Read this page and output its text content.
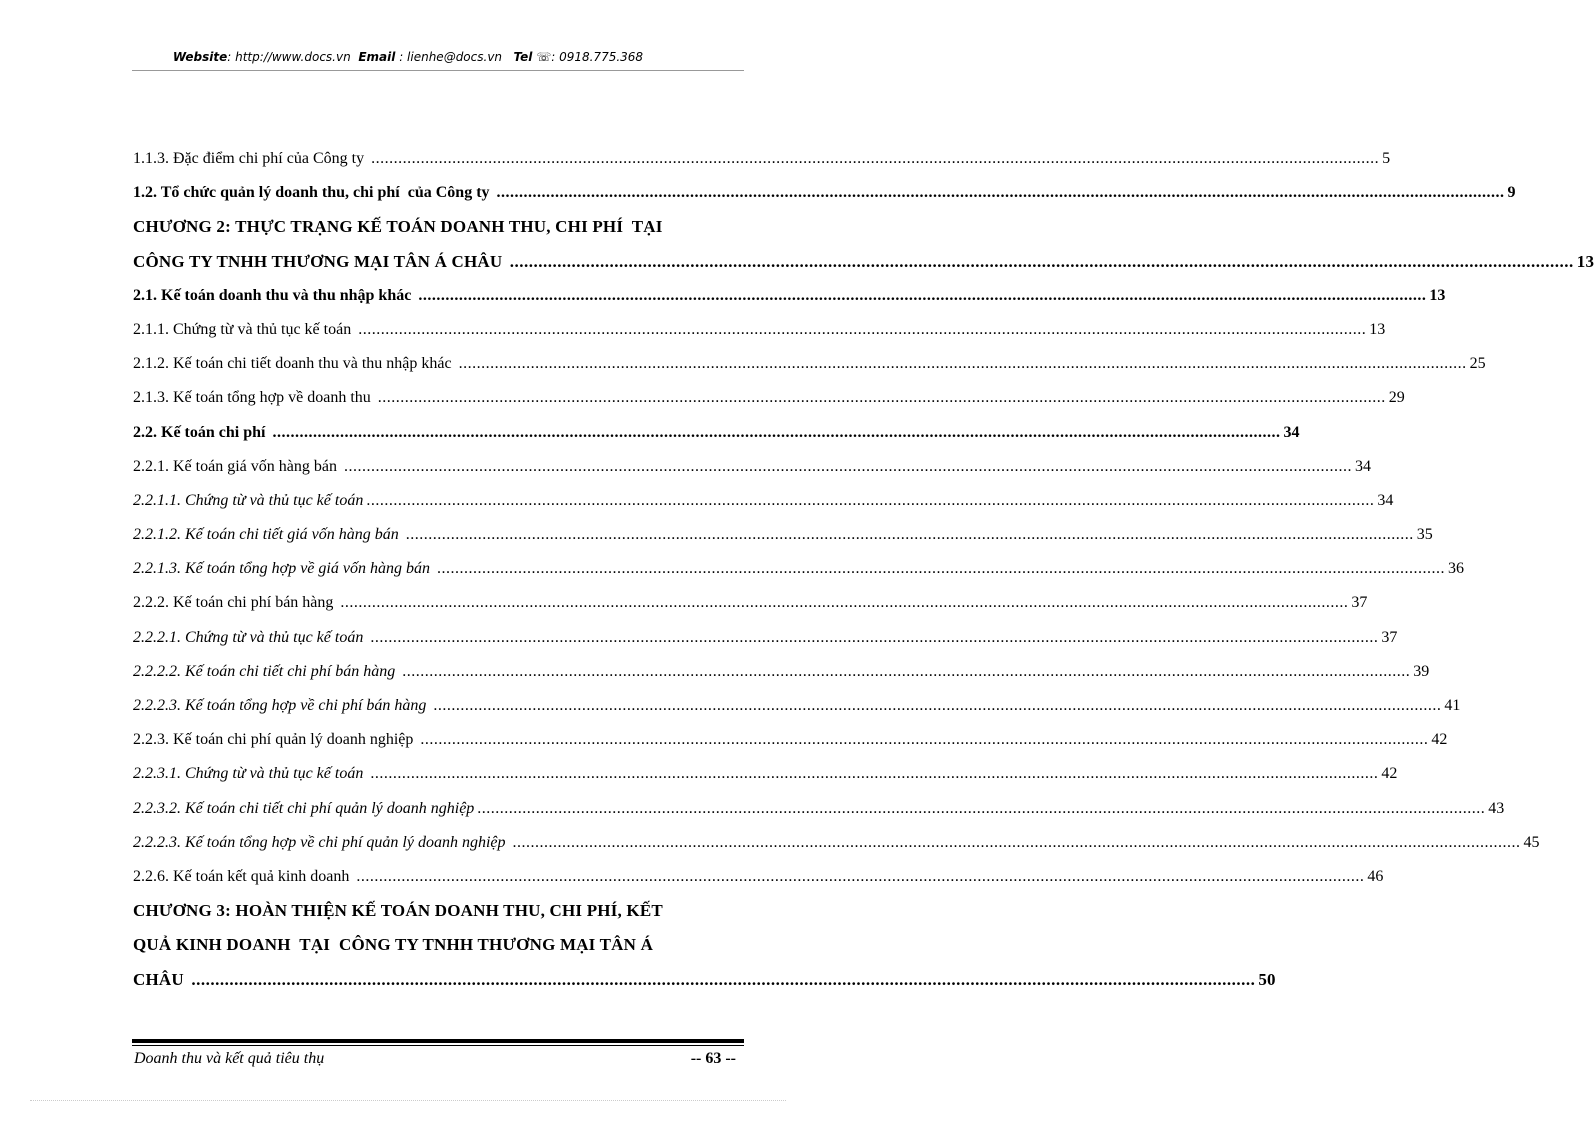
Website: http://www.docs.vn Email : lienhe@docs.vn Tel ☏: 0918.775.368
1.1.3. Đặc điểm chi phí của Công ty ................................................................................................................................................................................................................................ 5
1.2. Tổ chức quản lý doanh thu, chi phí  của Công ty ................................................................................................................................................................................................................................ 9
CHƯƠNG 2: THỰC TRẠNG KẾ TOÁN DOANH THU, CHI PHÍ  TẠI
CÔNG TY TNHH THƯƠNG MẠI TÂN Á CHÂU ................................................................................................................................................................................................................................ 13
2.1. Kế toán doanh thu và thu nhập khác ................................................................................................................................................................................................................................ 13
2.1.1. Chứng từ và thủ tục kế toán ................................................................................................................................................................................................................................ 13
2.1.2. Kế toán chi tiết doanh thu và thu nhập khác ................................................................................................................................................................................................................................ 25
2.1.3. Kế toán tổng hợp về doanh thu ................................................................................................................................................................................................................................ 29
2.2. Kế toán chi phí ................................................................................................................................................................................................................................ 34
2.2.1. Kế toán giá vốn hàng bán ................................................................................................................................................................................................................................ 34
2.2.1.1. Chứng từ và thủ tục kế toán ................................................................................................................................................................................................................................ 34
2.2.1.2. Kế toán chi tiết giá vốn hàng bán ................................................................................................................................................................................................................................ 35
2.2.1.3. Kế toán tổng hợp về giá vốn hàng bán ................................................................................................................................................................................................................................ 36
2.2.2. Kế toán chi phí bán hàng ................................................................................................................................................................................................................................ 37
2.2.2.1. Chứng từ và thủ tục kế toán ................................................................................................................................................................................................................................ 37
2.2.2.2. Kế toán chi tiết chi phí bán hàng ................................................................................................................................................................................................................................ 39
2.2.2.3. Kế toán tổng hợp về chi phí bán hàng ................................................................................................................................................................................................................................ 41
2.2.3. Kế toán chi phí quản lý doanh nghiệp ................................................................................................................................................................................................................................ 42
2.2.3.1. Chứng từ và thủ tục kế toán ................................................................................................................................................................................................................................ 42
2.2.3.2. Kế toán chi tiết chi phí quản lý doanh nghiệp ................................................................................................................................................................................................................................ 43
2.2.2.3. Kế toán tổng hợp về chi phí quản lý doanh nghiệp ................................................................................................................................................................................................................................ 45
2.2.6. Kế toán kết quả kinh doanh ................................................................................................................................................................................................................................ 46
CHƯƠNG 3: HOÀN THIỆN KẾ TOÁN DOANH THU, CHI PHÍ, KẾT
QUẢ KINH DOANH  TẠI  CÔNG TY TNHH THƯƠNG MẠI TÂN Á
CHÂU ................................................................................................................................................................................................................................ 50
Doanh thu và kết quả tiêu thụ	-- 63 --
